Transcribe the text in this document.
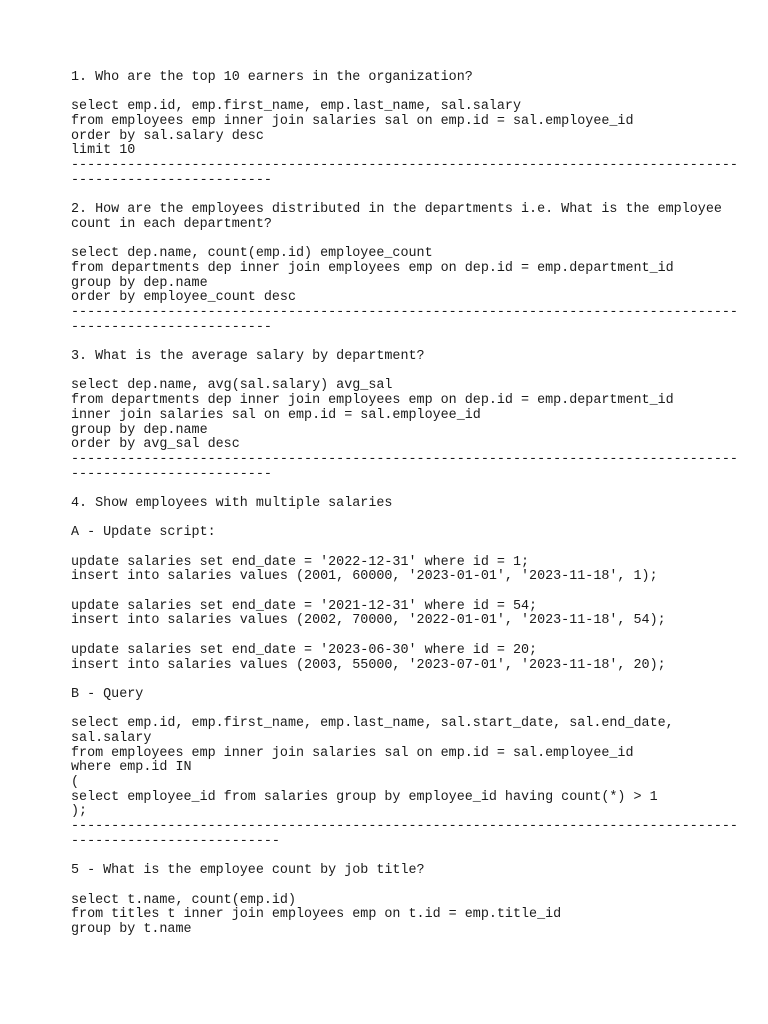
1. Who are the top 10 earners in the organization?
select emp.id, emp.first_name, emp.last_name, sal.salary
from employees emp inner join salaries sal on emp.id = sal.employee_id
order by sal.salary desc
limit 10
-----------------------------------------------------------------------------------
-------------------------
2. How are the employees distributed in the departments i.e. What is the employee
count in each department?
select dep.name, count(emp.id) employee_count
from departments dep inner join employees emp on dep.id = emp.department_id
group by dep.name
order by employee_count desc
-----------------------------------------------------------------------------------
-------------------------
3. What is the average salary by department?
select dep.name, avg(sal.salary) avg_sal
from departments dep inner join employees emp on dep.id = emp.department_id
inner join salaries sal on emp.id = sal.employee_id
group by dep.name
order by avg_sal desc
-----------------------------------------------------------------------------------
-------------------------
4. Show employees with multiple salaries
A - Update script:
update salaries set end_date = '2022-12-31' where id = 1;
insert into salaries values (2001, 60000, '2023-01-01', '2023-11-18', 1);
update salaries set end_date = '2021-12-31' where id = 54;
insert into salaries values (2002, 70000, '2022-01-01', '2023-11-18', 54);
update salaries set end_date = '2023-06-30' where id = 20;
insert into salaries values (2003, 55000, '2023-07-01', '2023-11-18', 20);
B - Query
select emp.id, emp.first_name, emp.last_name, sal.start_date, sal.end_date,
sal.salary
from employees emp inner join salaries sal on emp.id = sal.employee_id
where emp.id IN
(
select employee_id from salaries group by employee_id having count(*) > 1
);
-----------------------------------------------------------------------------------
--------------------------
5 - What is the employee count by job title?
select t.name, count(emp.id)
from titles t inner join employees emp on t.id = emp.title_id
group by t.name
